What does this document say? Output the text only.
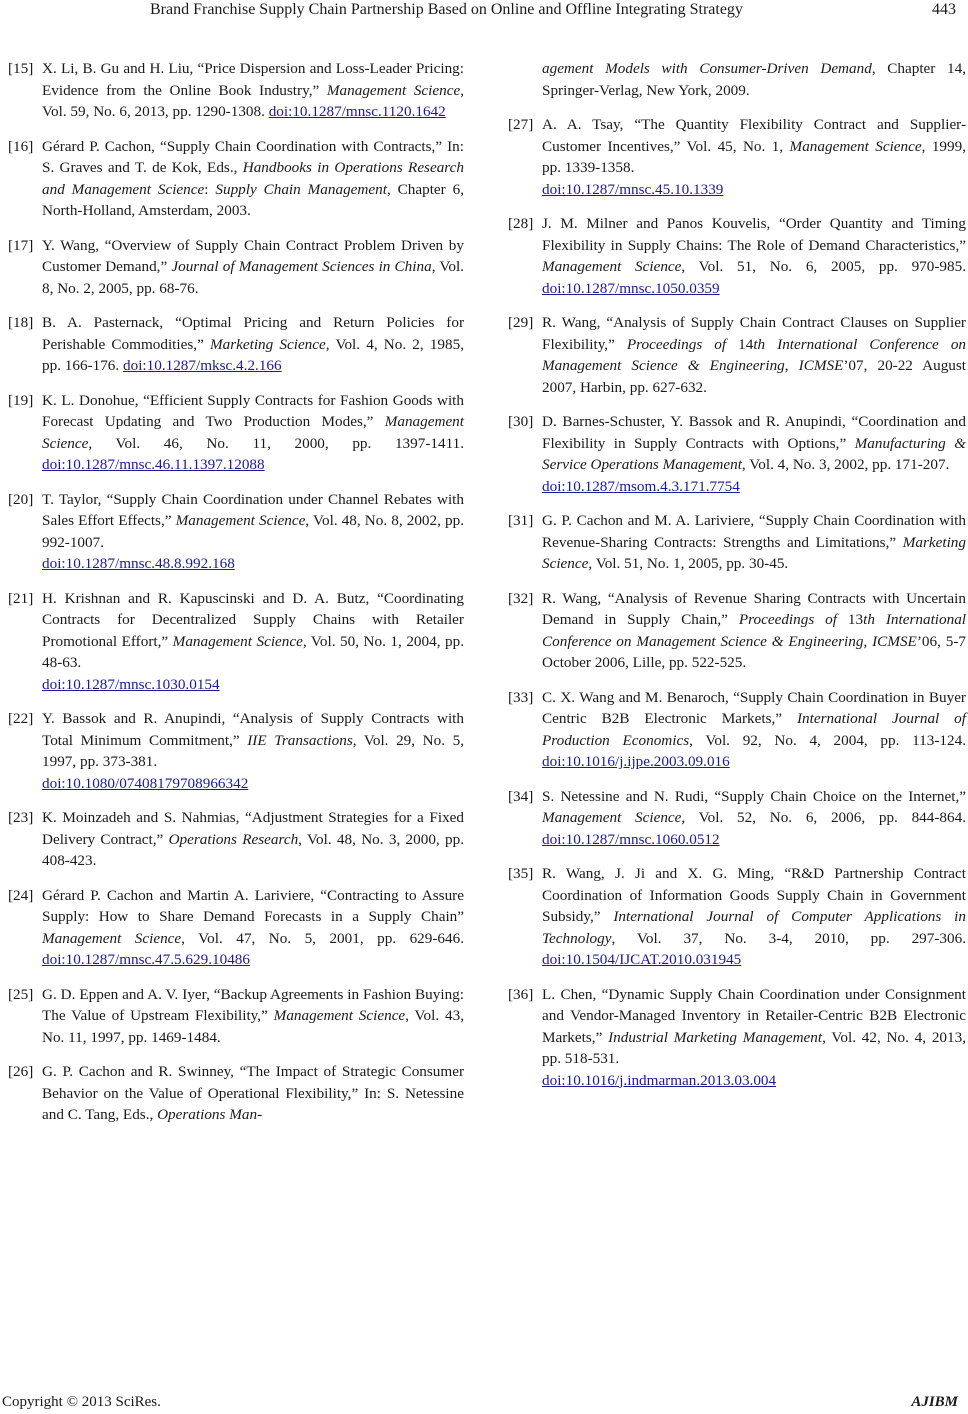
Brand Franchise Supply Chain Partnership Based on Online and Offline Integrating Strategy	443
[15] X. Li, B. Gu and H. Liu, “Price Dispersion and Loss-Leader Pricing: Evidence from the Online Book Industry,” Management Science, Vol. 59, No. 6, 2013, pp. 1290-1308. doi:10.1287/mnsc.1120.1642
[16] Gérard P. Cachon, “Supply Chain Coordination with Contracts,” In: S. Graves and T. de Kok, Eds., Handbooks in Operations Research and Management Science: Supply Chain Management, Chapter 6, North-Holland, Amsterdam, 2003.
[17] Y. Wang, “Overview of Supply Chain Contract Problem Driven by Customer Demand,” Journal of Management Sciences in China, Vol. 8, No. 2, 2005, pp. 68-76.
[18] B. A. Pasternack, “Optimal Pricing and Return Policies for Perishable Commodities,” Marketing Science, Vol. 4, No. 2, 1985, pp. 166-176. doi:10.1287/mksc.4.2.166
[19] K. L. Donohue, “Efficient Supply Contracts for Fashion Goods with Forecast Updating and Two Production Modes,” Management Science, Vol. 46, No. 11, 2000, pp. 1397-1411. doi:10.1287/mnsc.46.11.1397.12088
[20] T. Taylor, “Supply Chain Coordination under Channel Rebates with Sales Effort Effects,” Management Science, Vol. 48, No. 8, 2002, pp. 992-1007.
doi:10.1287/mnsc.48.8.992.168
[21] H. Krishnan and R. Kapuscinski and D. A. Butz, “Coordinating Contracts for Decentralized Supply Chains with Retailer Promotional Effort,” Management Science, Vol. 50, No. 1, 2004, pp. 48-63.
doi:10.1287/mnsc.1030.0154
[22] Y. Bassok and R. Anupindi, “Analysis of Supply Contracts with Total Minimum Commitment,” IIE Transactions, Vol. 29, No. 5, 1997, pp. 373-381.
doi:10.1080/07408179708966342
[23] K. Moinzadeh and S. Nahmias, “Adjustment Strategies for a Fixed Delivery Contract,” Operations Research, Vol. 48, No. 3, 2000, pp. 408-423.
[24] Gérard P. Cachon and Martin A. Lariviere, “Contracting to Assure Supply: How to Share Demand Forecasts in a Supply Chain” Management Science, Vol. 47, No. 5, 2001, pp. 629-646. doi:10.1287/mnsc.47.5.629.10486
[25] G. D. Eppen and A. V. Iyer, “Backup Agreements in Fashion Buying: The Value of Upstream Flexibility,” Management Science, Vol. 43, No. 11, 1997, pp. 1469-1484.
[26] G. P. Cachon and R. Swinney, “The Impact of Strategic Consumer Behavior on the Value of Operational Flexibility,” In: S. Netessine and C. Tang, Eds., Operations Man-
agement Models with Consumer-Driven Demand, Chapter 14, Springer-Verlag, New York, 2009.
[27] A. A. Tsay, “The Quantity Flexibility Contract and Supplier-Customer Incentives,” Vol. 45, No. 1, Management Science, 1999, pp. 1339-1358.
doi:10.1287/mnsc.45.10.1339
[28] J. M. Milner and Panos Kouvelis, “Order Quantity and Timing Flexibility in Supply Chains: The Role of Demand Characteristics,” Management Science, Vol. 51, No. 6, 2005, pp. 970-985. doi:10.1287/mnsc.1050.0359
[29] R. Wang, “Analysis of Supply Chain Contract Clauses on Supplier Flexibility,” Proceedings of 14th International Conference on Management Science & Engineering, ICMSE’07, 20-22 August 2007, Harbin, pp. 627-632.
[30] D. Barnes-Schuster, Y. Bassok and R. Anupindi, “Coordination and Flexibility in Supply Contracts with Options,” Manufacturing & Service Operations Management, Vol. 4, No. 3, 2002, pp. 171-207.
doi:10.1287/msom.4.3.171.7754
[31] G. P. Cachon and M. A. Lariviere, “Supply Chain Coordination with Revenue-Sharing Contracts: Strengths and Limitations,” Marketing Science, Vol. 51, No. 1, 2005, pp. 30-45.
[32] R. Wang, “Analysis of Revenue Sharing Contracts with Uncertain Demand in Supply Chain,” Proceedings of 13th International Conference on Management Science & Engineering, ICMSE’06, 5-7 October 2006, Lille, pp. 522-525.
[33] C. X. Wang and M. Benaroch, “Supply Chain Coordination in Buyer Centric B2B Electronic Markets,” International Journal of Production Economics, Vol. 92, No. 4, 2004, pp. 113-124. doi:10.1016/j.ijpe.2003.09.016
[34] S. Netessine and N. Rudi, “Supply Chain Choice on the Internet,” Management Science, Vol. 52, No. 6, 2006, pp. 844-864. doi:10.1287/mnsc.1060.0512
[35] R. Wang, J. Ji and X. G. Ming, “R&D Partnership Contract Coordination of Information Goods Supply Chain in Government Subsidy,” International Journal of Computer Applications in Technology, Vol. 37, No. 3-4, 2010, pp. 297-306. doi:10.1504/IJCAT.2010.031945
[36] L. Chen, “Dynamic Supply Chain Coordination under Consignment and Vendor-Managed Inventory in Retailer-Centric B2B Electronic Markets,” Industrial Marketing Management, Vol. 42, No. 4, 2013, pp. 518-531.
doi:10.1016/j.indmarman.2013.03.004
Copyright © 2013 SciRes.	AJIBM
